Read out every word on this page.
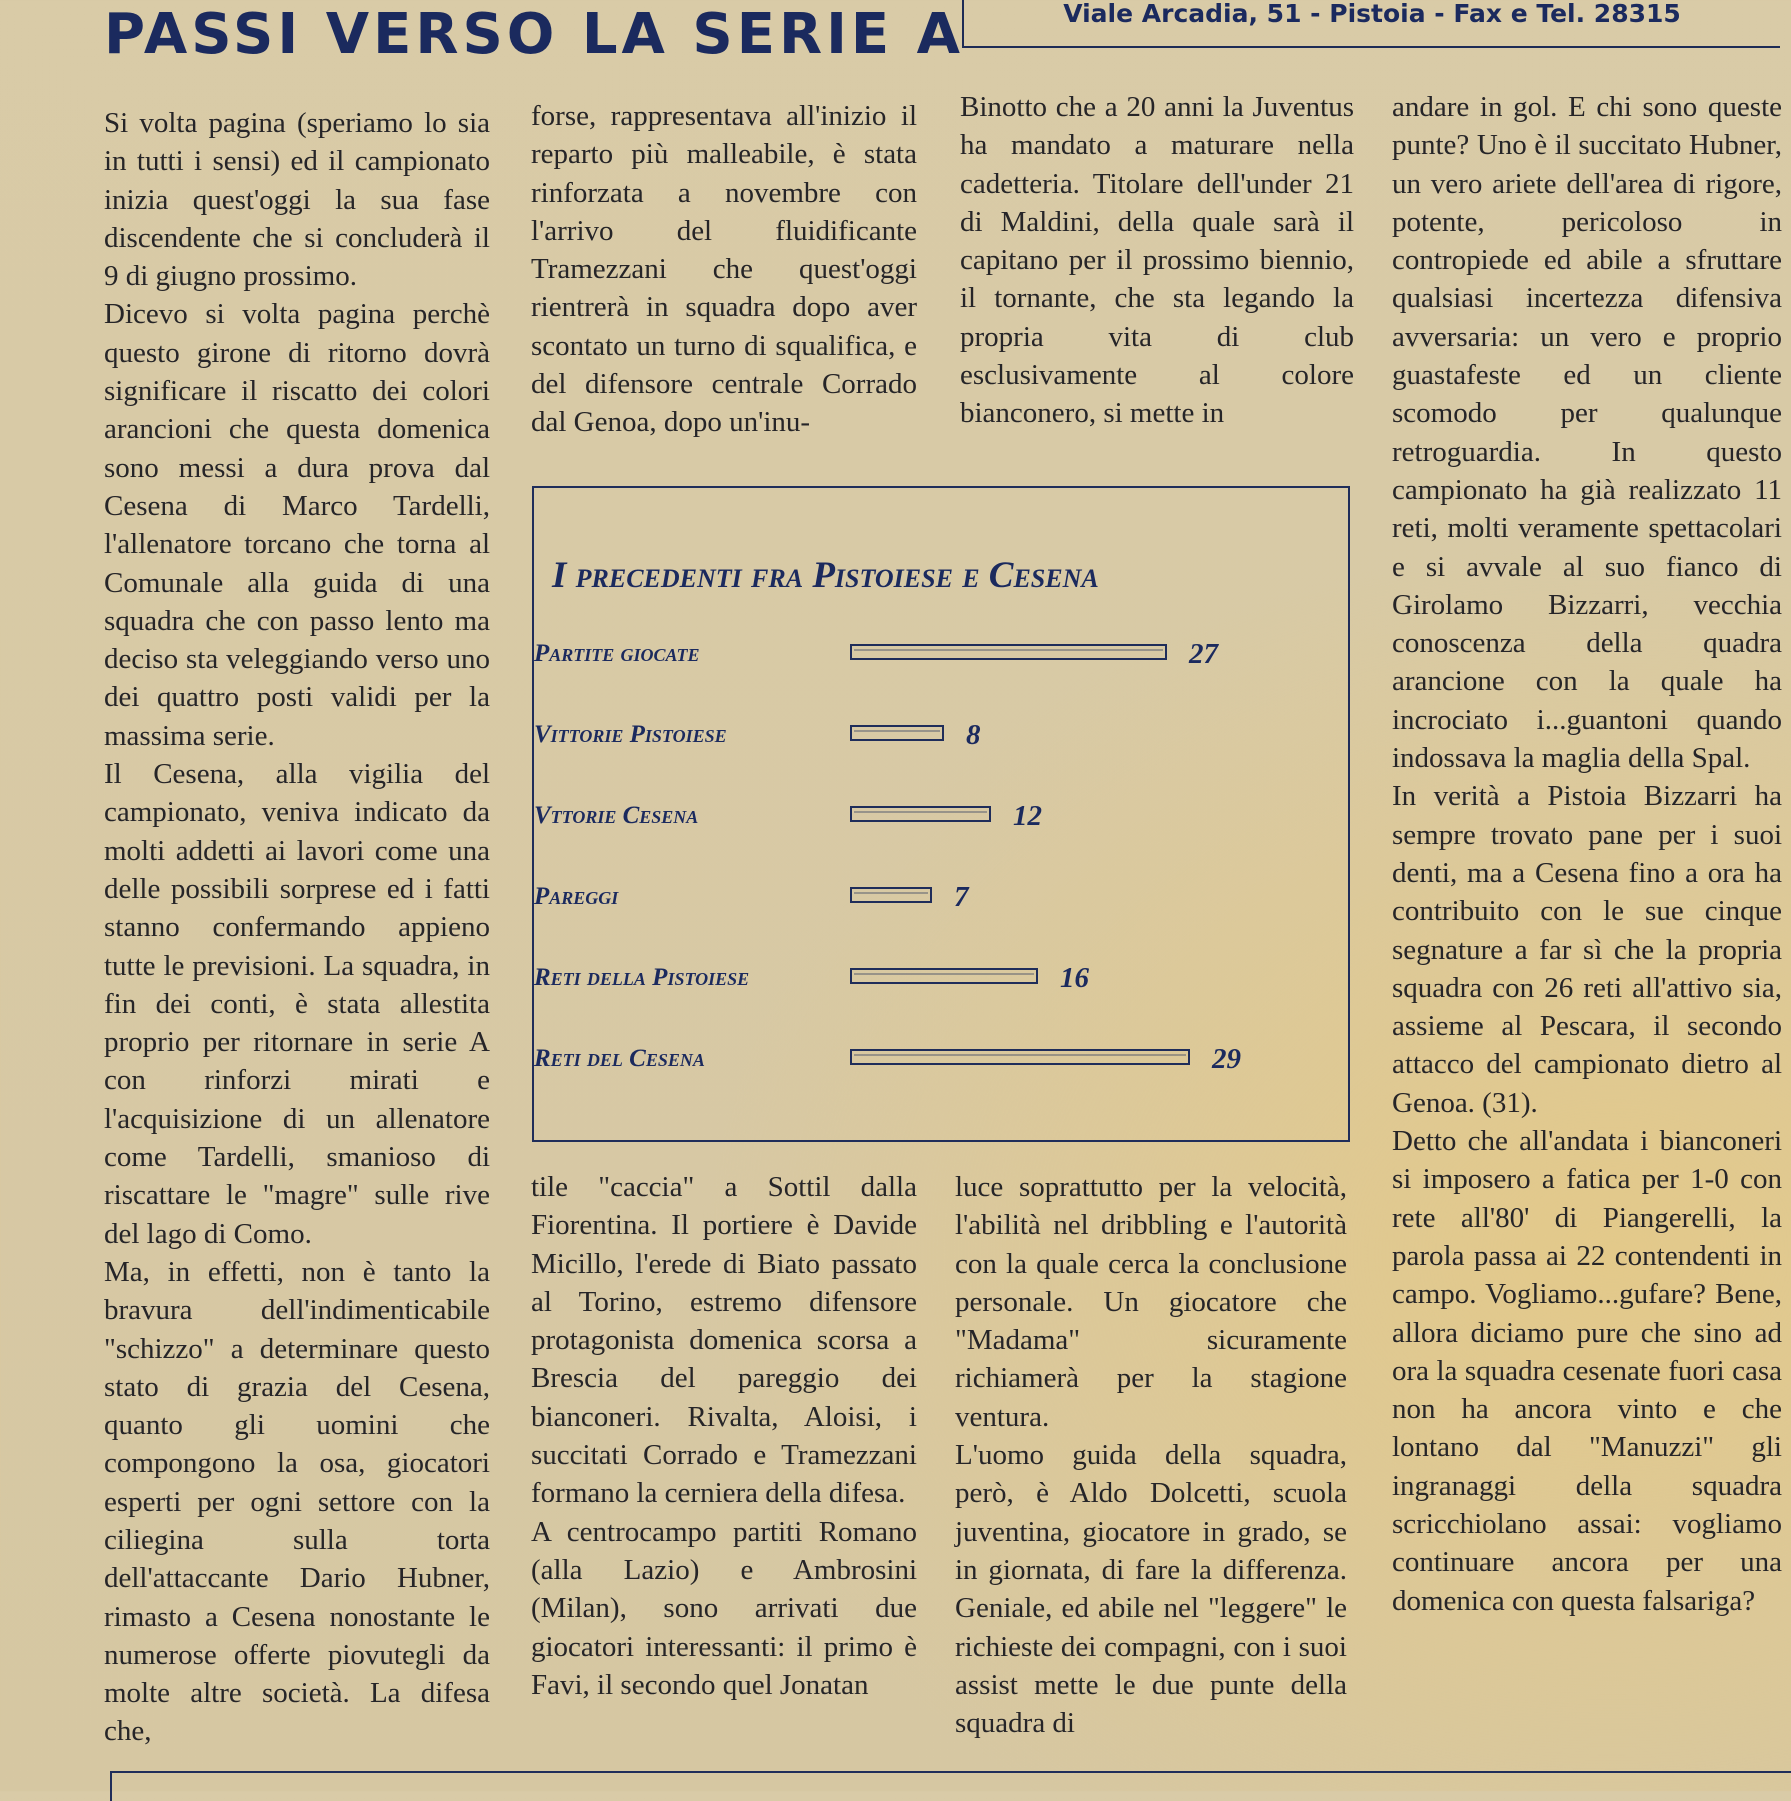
PASSI VERSO LA SERIE A	Viale Arcadia, 51 - Pistoia - Fax e Tel. 28315

Si volta pagina (speriamo lo sia in tutti i sensi) ed il campionato inizia quest'oggi la sua fase discendente che si concluderà il 9 di giugno prossimo.

Dicevo si volta pagina perchè questo girone di ritorno dovrà significare il riscatto dei colori arancioni che questa domenica sono messi a dura prova dal Cesena di Marco Tardelli, l'allenatore torcano che torna al Comunale alla guida di una squadra che con passo lento ma deciso sta veleggiando verso uno dei quattro posti validi per la massima serie.

Il Cesena, alla vigilia del campionato, veniva indicato da molti addetti ai lavori come una delle possibili sorprese ed i fatti stanno confermando appieno tutte le previsioni. La squadra, in fin dei conti, è stata allestita proprio per ritornare in serie A con rinforzi mirati e l'acquisizione di un allenatore come Tardelli, smanioso di riscattare le "magre" sulle rive del lago di Como.

Ma, in effetti, non è tanto la bravura dell'indimenticabile "schizzo" a determinare questo stato di grazia del Cesena, quanto gli uomini che compongono la osa, giocatori esperti per ogni settore con la ciliegina sulla torta dell'attaccante Dario Hubner, rimasto a Cesena nonostante le numerose offerte piovutegli da molte altre società. La difesa che,

forse, rappresentava all'inizio il reparto più malleabile, è stata rinforzata a novembre con l'arrivo del fluidificante Tramezzani che quest'oggi rientrerà in squadra dopo aver scontato un turno di squalifica, e del difensore centrale Corrado dal Genoa, dopo un'inu-

Binotto che a 20 anni la Juventus ha mandato a maturare nella cadetteria. Titolare dell'under 21 di Maldini, della quale sarà il capitano per il prossimo biennio, il tornante, che sta legando la propria vita di club esclusivamente al colore bianconero, si mette in

andare in gol. E chi sono queste punte? Uno è il succitato Hubner, un vero ariete dell'area di rigore, potente, pericoloso in contropiede ed abile a sfruttare qualsiasi incertezza difensiva avversaria: un vero e proprio guastafeste ed un cliente scomodo per qualunque retroguardia. In questo campionato ha già realizzato 11 reti, molti veramente spettacolari e si avvale al suo fianco di Girolamo Bizzarri, vecchia conoscenza della quadra arancione con la quale ha incrociato i...guantoni quando indossava la maglia della Spal.

In verità a Pistoia Bizzarri ha sempre trovato pane per i suoi denti, ma a Cesena fino a ora ha contribuito con le sue cinque segnature a far sì che la propria squadra con 26 reti all'attivo sia, assieme al Pescara, il secondo attacco del campionato dietro al Genoa. (31).

Detto che all'andata i bianconeri si imposero a fatica per 1-0 con rete all'80' di Piangerelli, la parola passa ai 22 contendenti in campo. Vogliamo...gufare? Bene, allora diciamo pure che sino ad ora la squadra cesenate fuori casa non ha ancora vinto e che lontano dal "Manuzzi" gli ingranaggi della squadra scricchiolano assai: vogliamo continuare ancora per una domenica con questa falsariga?

I precedenti fra Pistoiese e Cesena
Partite giocate	27
Vittorie Pistoiese	8
Vttorie Cesena	12
Pareggi	7
Reti della Pistoiese	16
Reti del Cesena	29

tile "caccia" a Sottil dalla Fiorentina. Il portiere è Davide Micillo, l'erede di Biato passato al Torino, estremo difensore protagonista domenica scorsa a Brescia del pareggio dei bianconeri. Rivalta, Aloisi, i succitati Corrado e Tramezzani formano la cerniera della difesa.

A centrocampo partiti Romano (alla Lazio) e Ambrosini (Milan), sono arrivati due giocatori interessanti: il primo è Favi, il secondo quel Jonatan

luce soprattutto per la velocità, l'abilità nel dribbling e l'autorità con la quale cerca la conclusione personale. Un giocatore che "Madama" sicuramente richiamerà per la stagione ventura.

L'uomo guida della squadra, però, è Aldo Dolcetti, scuola juventina, giocatore in grado, se in giornata, di fare la differenza. Geniale, ed abile nel "leggere" le richieste dei compagni, con i suoi assist mette le due punte della squadra di
